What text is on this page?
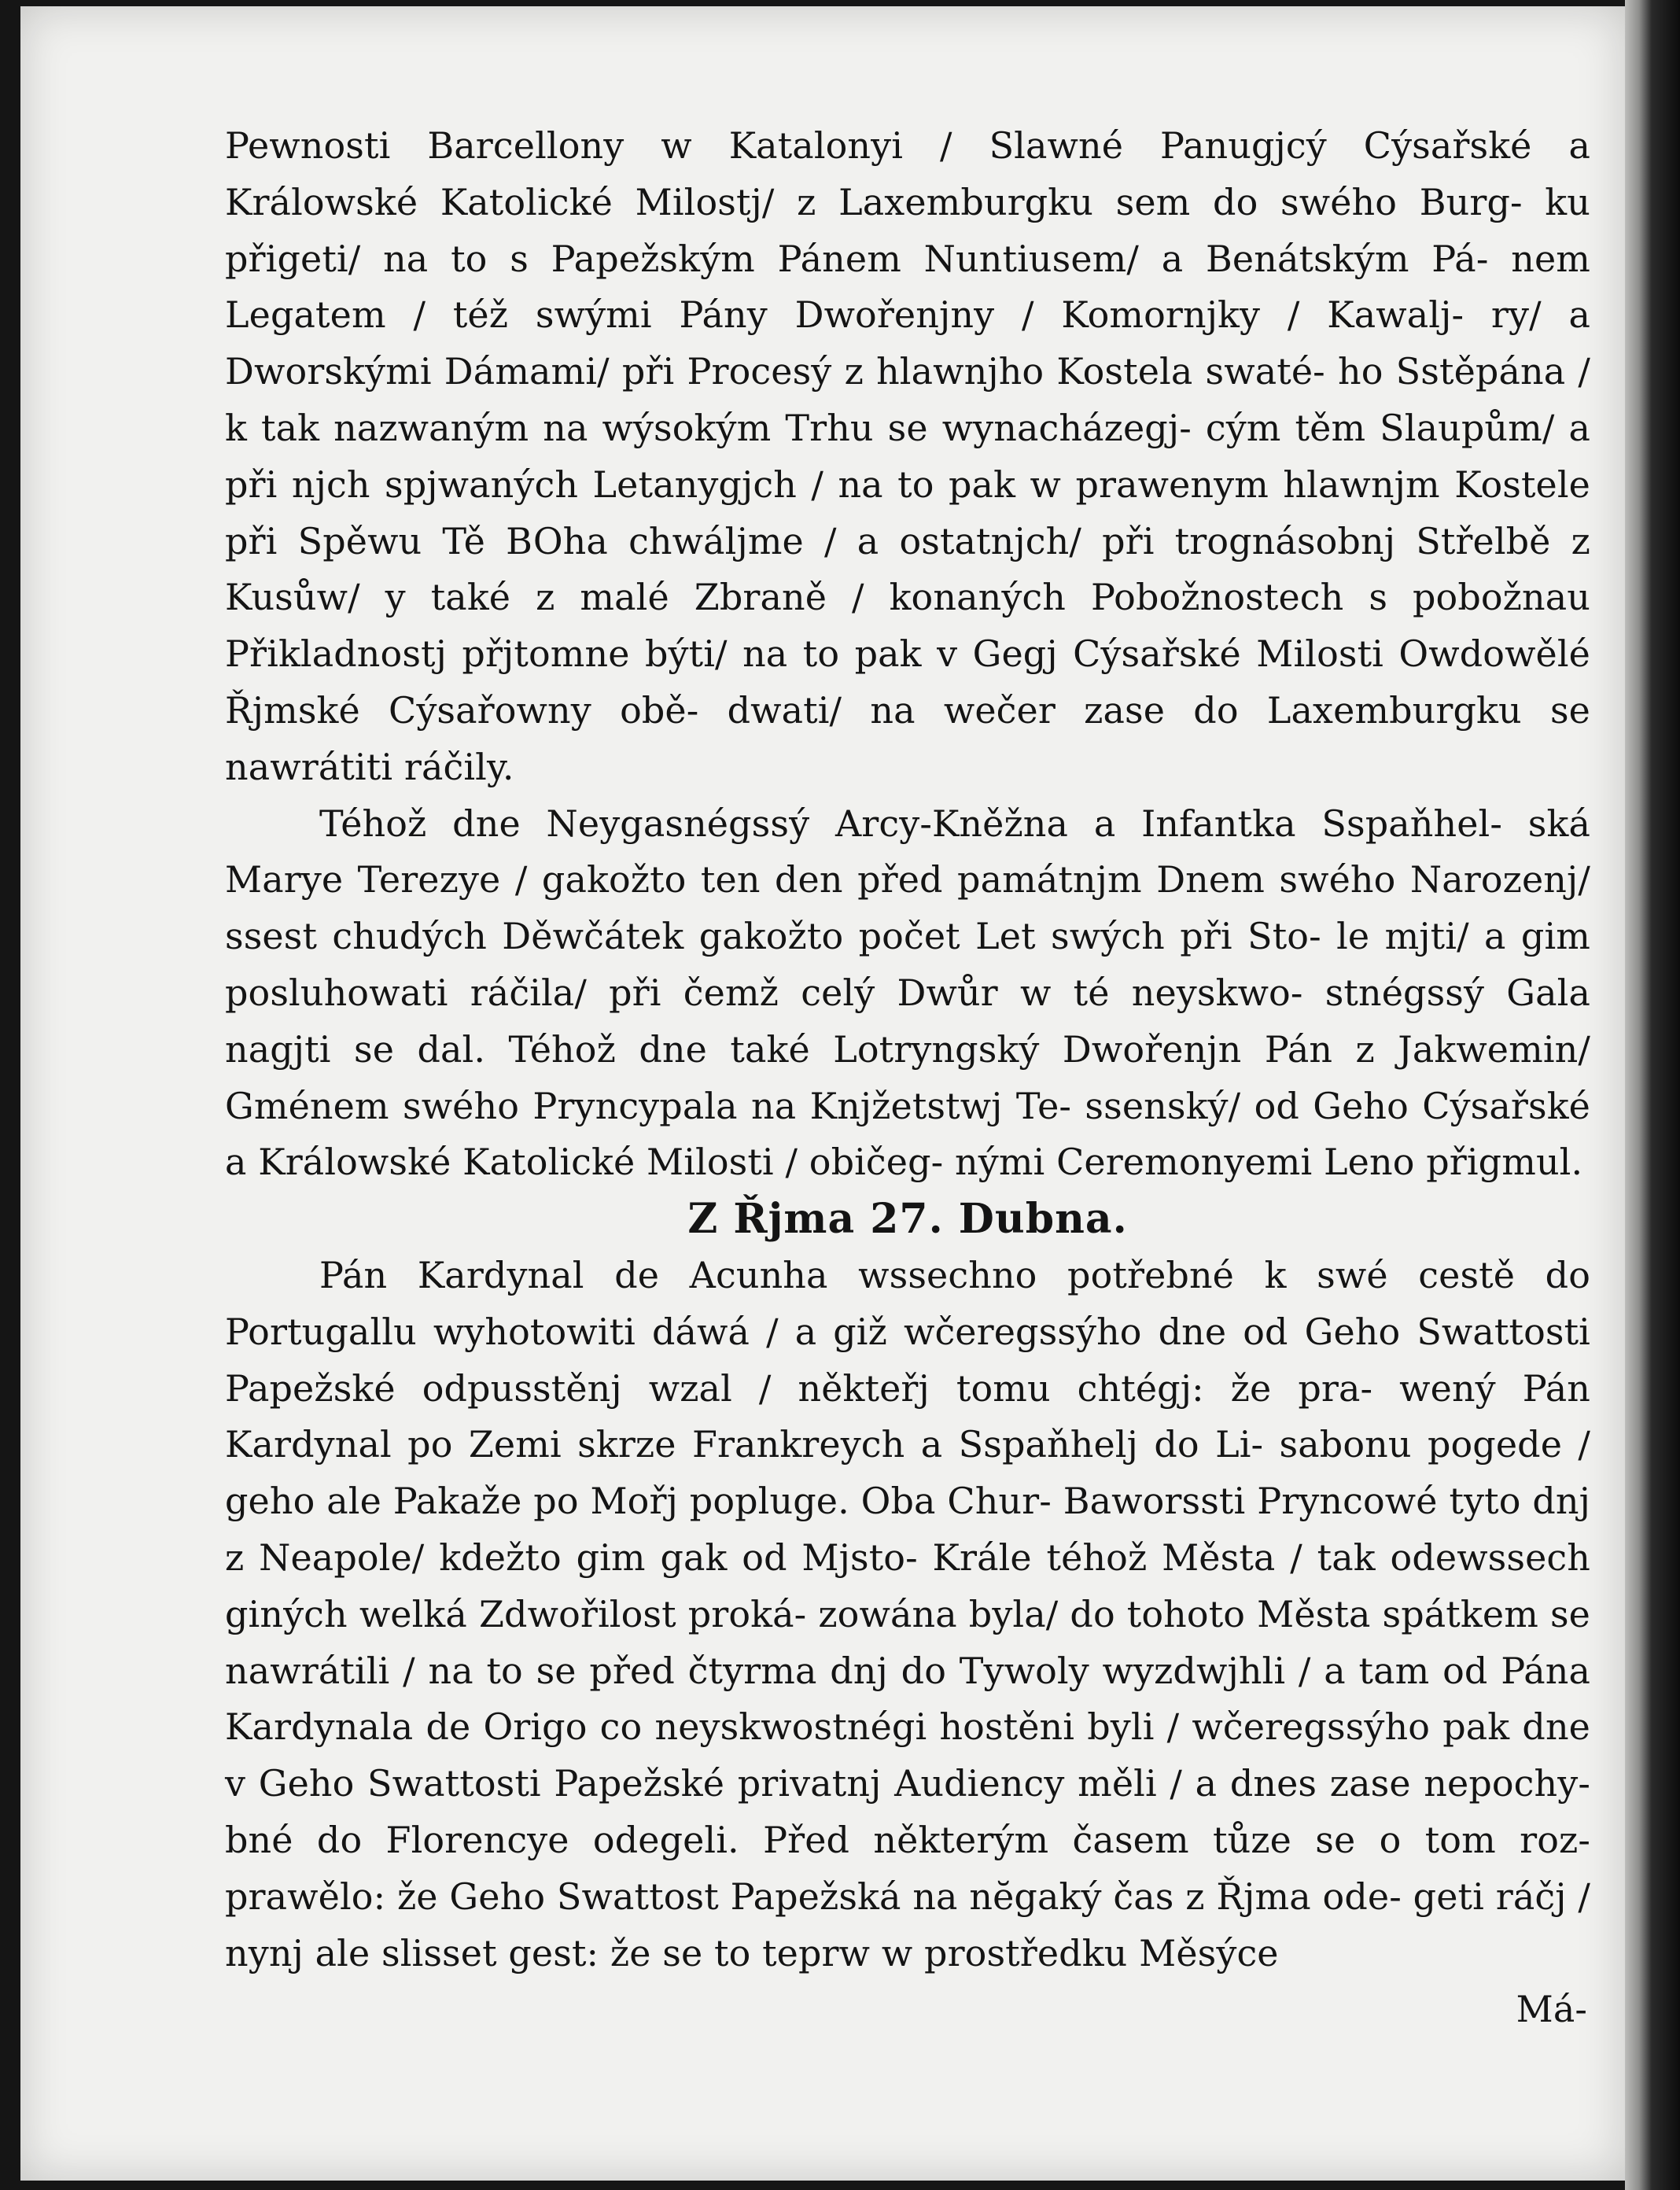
Pewnosti Barcellony w Katalonyi / Slawné Panugjcý Cýsařské a Králowské Katolické Milostj/ z Laxemburgku sem do swého Burg- ku přigeti/ na to s Papežským Pánem Nuntiusem/ a Benátským Pá- nem Legatem / též swými Pány Dwořenjny / Komornjky / Kawalj- ry/ a Dworskými Dámami/ při Procesý z hlawnjho Kostela swaté- ho Sstěpána / k tak nazwaným na wýsokým Trhu se wynacházegj- cým těm Slaupům/ a při njch spjwaných Letanygjch / na to pak w prawenym hlawnjm Kostele při Spěwu Tě BOha chwáljme / a ostatnjch/ při trognásobnj Střelbě z Kusůw/ y také z malé Zbraně / konaných Pobožnostech s pobožnau Přikladnostj přjtomne býti/ na to pak v Gegj Cýsařské Milosti Owdowělé Řjmské Cýsařowny obě- dwati/ na wečer zase do Laxemburgku se nawrátiti ráčily.

Téhož dne Neygasnégssý Arcy-Kněžna a Infantka Sspaňhel- ská Marye Terezye / gakožto ten den před památnjm Dnem swého Narozenj/ ssest chudých Děwčátek gakožto počet Let swých při Sto- le mjti/ a gim posluhowati ráčila/ při čemž celý Dwůr w té neyskwo- stnégssý Gala nagjti se dal. Téhož dne také Lotryngský Dwořenjn Pán z Jakwemin/ Gménem swého Prynсypala na Knjžetstwj Te- ssenský/ od Geho Cýsařské a Králowské Katolické Milosti / običeg- nými Ceremonyemi Leno přigmul.

Z Řjma 27. Dubna.

Pán Kardynal de Acunha wssechno potřebné k swé cestě do Portugallu wyhotowiti dáwá / a giž wčeregssýho dne od Geho Swattosti Papežské odpusstěnj wzal / někteřj tomu chtégj: že pra- wený Pán Kardynal po Zemi skrze Frankreych a Sspaňhelj do Li- sabonu pogede / geho ale Pakaže po Mořj popluge. Oba Chur- Baworssti Pryncowé tyto dnj z Neapole/ kdežto gim gak od Mjsto- Krále téhož Města / tak odewssech giných welká Zdwořilost proká- zowána byla/ do tohoto Města spátkem se nawrátili / na to se před čtyrma dnj do Tywoly wyzdwjhli / a tam od Pána Kardynala de Origo co neyskwostnégi hostěni byli / wčeregssýho pak dne v Geho Swattosti Papežské privatnj Audiency měli / a dnes zase nepochy- bné do Florencye odegeli. Před některým časem tůze se o tom roz- prawělo: že Geho Swattost Papežská na nĕgaký čas z Řjma ode- geti ráčj / nynj ale slisset gest: že se to teprw w prostředku Měsýce

Má-
